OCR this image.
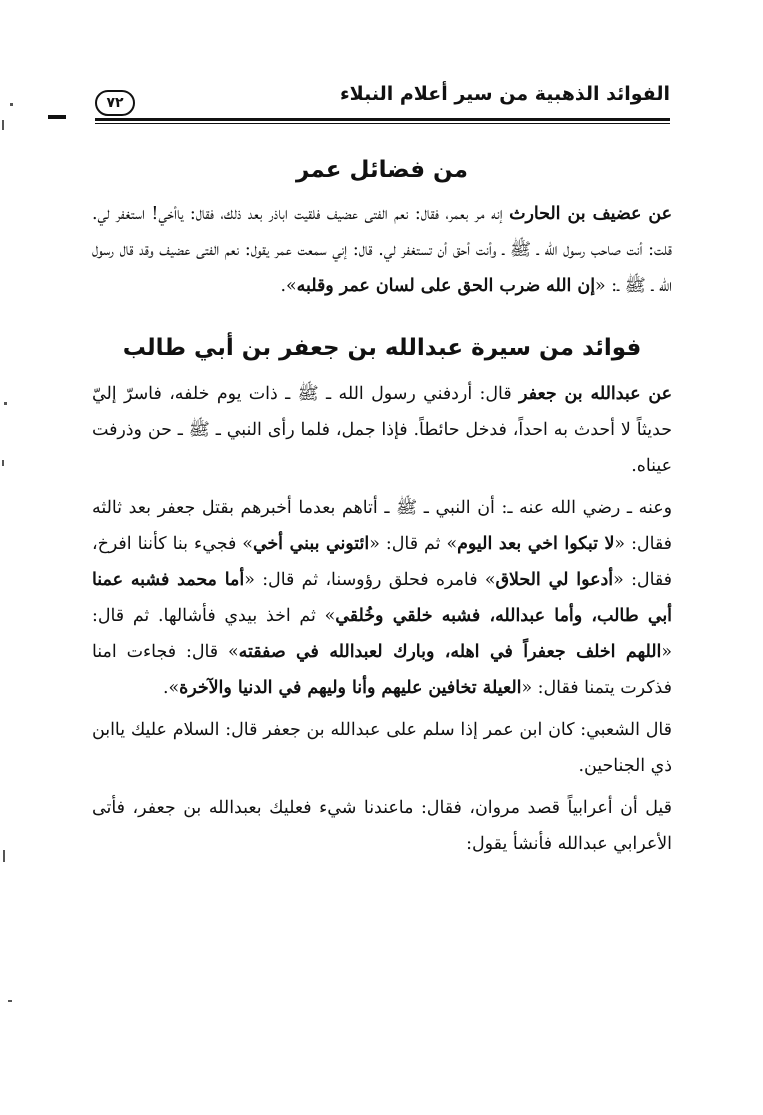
الفوائد الذهبية من سير أعلام النبلاء
٧٢
من فضائل عمر

عن عضيف بن الحارث إنه مر بعمر، فقال: نعم الفتى عضيف فلقيت اباذر بعد ذلك، فقال: ياأخي! استغفر لي. قلت: أنت صاحب رسول الله ـ ﷺ ـ وأنت أحق أن تستغفر لي. قال: إني سمعت عمر يقول: نعم الفتى عضيف وقد قال رسول الله ـ ﷺ ـ: «إن الله ضرب الحق على لسان عمر وقلبه».

فوائد من سيرة عبدالله بن جعفر بن أبي طالب

عن عبدالله بن جعفر قال: أردفني رسول الله ـ ﷺ ـ ذات يوم خلفه، فاسرّ إليّ حديثاً لا أحدث به احداً، فدخل حائطاً. فإذا جمل، فلما رأى النبي ـ ﷺ ـ حن وذرفت عيناه.

وعنه ـ رضي الله عنه ـ: أن النبي ـ ﷺ ـ أتاهم بعدما أخبرهم بقتل جعفر بعد ثالثه فقال: «لا تبكوا اخي بعد اليوم» ثم قال: «ائتوني ببني أخي» فجيء بنا كأننا افرخ، فقال: «أدعوا لي الحلاق» فامره فحلق رؤوسنا، ثم قال: «أما محمد فشبه عمنا أبي طالب، وأما عبدالله، فشبه خلقي وخُلقي» ثم اخذ بيدي فأشالها. ثم قال: «اللهم اخلف جعفراً في اهله، وبارك لعبدالله في صفقته» قال: فجاءت امنا فذكرت يتمنا فقال: «العيلة تخافين عليهم وأنا وليهم في الدنيا والآخرة».

قال الشعبي: كان ابن عمر إذا سلم على عبدالله بن جعفر قال: السلام عليك ياابن ذي الجناحين.

قيل أن أعرابياً قصد مروان، فقال: ماعندنا شيء فعليك بعبدالله بن جعفر، فأتى الأعرابي عبدالله فأنشأ يقول:
